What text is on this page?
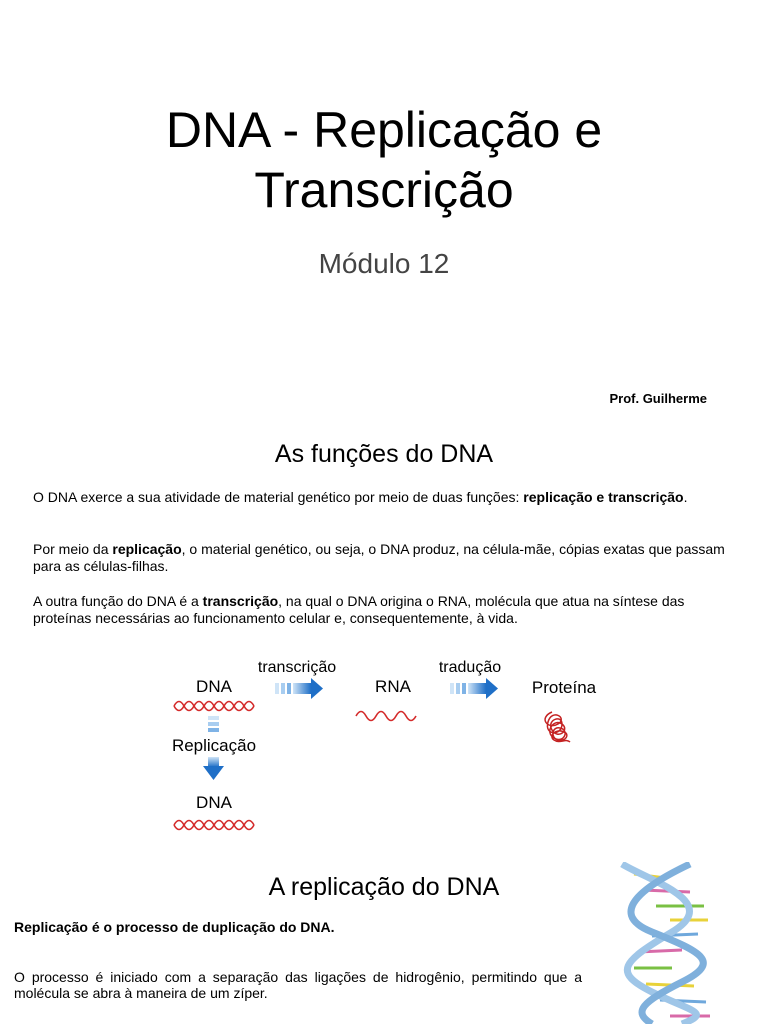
DNA - Replicação e
Transcrição
Módulo 12
Prof. Guilherme
As funções do DNA
O DNA exerce a sua atividade de material genético por meio de duas funções: replicação e transcrição.
Por meio da replicação, o material genético, ou seja, o DNA produz, na célula-mãe, cópias exatas que passam para as células-filhas.
A outra função do DNA é a transcrição, na qual o DNA origina o RNA, molécula que atua na síntese das proteínas necessárias ao funcionamento celular e, consequentemente, à vida.
DNA
transcrição
RNA
tradução
Proteína
Replicação
DNA
A replicação do DNA
Replicação é o processo de duplicação do DNA.
O processo é iniciado com a separação das ligações de hidrogênio, permitindo que a molécula se abra à maneira de um zíper.
